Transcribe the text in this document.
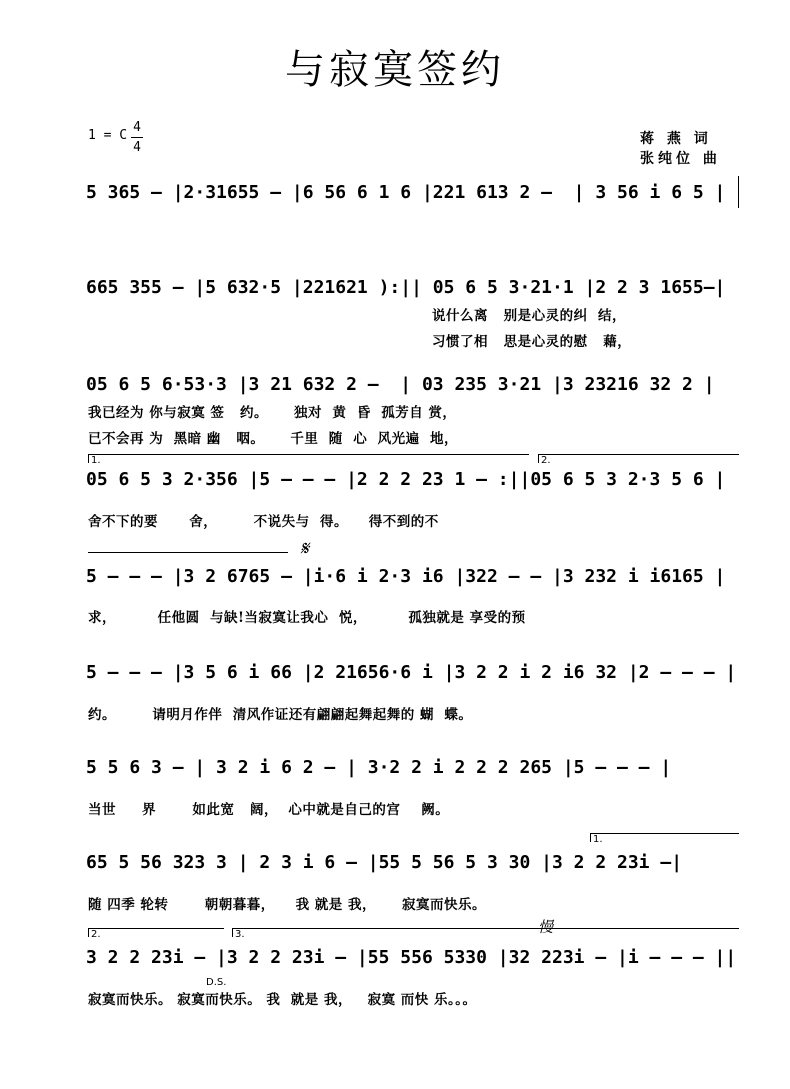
与寂寞签约
1 = C
4
4
蒋 燕 词
张纯位 曲
5 365 – |2·31655 – |6 56 6 1 6 |221 613 2 –  | 3 56 i 6 5 |
665 355 – |5 632·5 |221621 ):|| 05 6 5 3·21·1 |2 2 3 1655–|
说什么离   别是心灵的纠  结，
习惯了相   思是心灵的慰   藉，
05 6 5 6·53·3 |3 21 632 2 –  | 03 235 3·21 |3 23216 32 2 |
我已经为 你与寂寞 签   约。     独对  黄  昏  孤芳自 赏，
已不会再 为  黑暗 幽   咽。     千里  随  心  风光遍  地，
1.	2.
05 6 5 3 2·356 |5 – – – |2 2 2 23 1 – :||05 6 5 3 2·3 5 6 |
舍不下的要      舍，       不说失与  得。    得不到的不
𝄋
5 – – – |3 2 6765 – |i·6 i 2·3 i6 |322 – – |3 232 i i6165 |
求，        任他圆  与缺!当寂寞让我心  悦，        孤独就是 享受的预
5 – – – |3 5 6 i 66 |2 21656·6 i |3 2 2 i 2 i6 32 |2 – – – |
约。       请明月作伴  清风作证还有翩翩起舞起舞的 蝴  蝶。
5 5 6 3 – | 3 2 i 6 2 – | 3·2 2 i 2 2 2 265 |5 – – – |
当世     界       如此宽   阔，  心中就是自己的宫    阙。
1.
65 5 56 323 3 | 2 3 i 6 – |55 5 56 5 3 30 |3 2 2 23i –|
随 四季 轮转       朝朝暮暮，    我 就是 我，     寂寞而快乐。
2.	3.	慢
3 2 2 23i – |3 2 2 23i – |55 556 5330 |32 223i – |i – – – ||
D.S.
寂寞而快乐。 寂寞而快乐。 我  就是 我，   寂寞 而快 乐。。。
